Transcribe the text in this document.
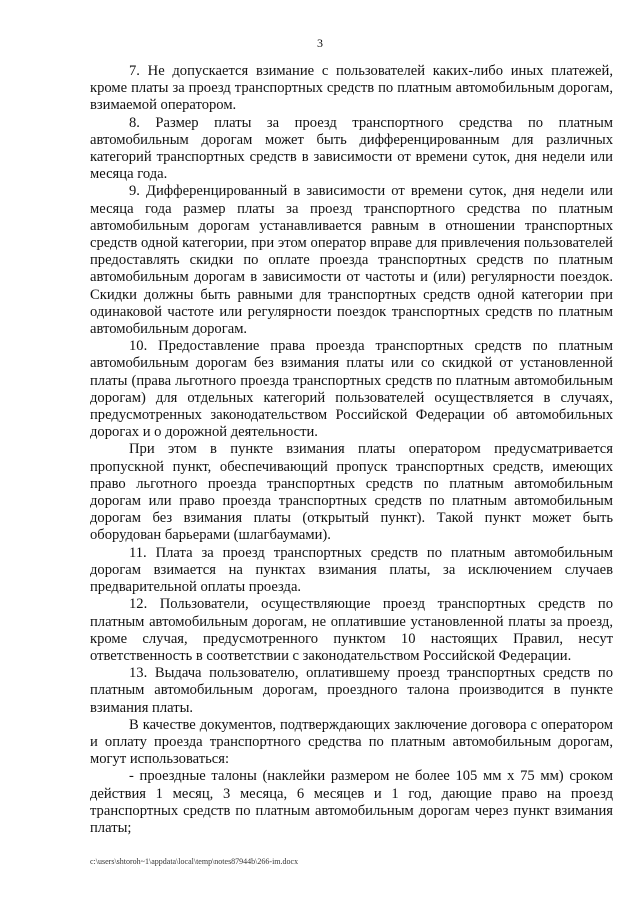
3

7. Не допускается взимание с пользователей каких-либо иных платежей, кроме платы за проезд транспортных средств по платным автомобильным дорогам, взимаемой оператором.

8. Размер платы за проезд транспортного средства по платным автомобильным дорогам может быть дифференцированным для различных категорий транспортных средств в зависимости от времени суток, дня недели или месяца года.

9. Дифференцированный в зависимости от времени суток, дня недели или месяца года размер платы за проезд транспортного средства по платным автомобильным дорогам устанавливается равным в отношении транспортных средств одной категории, при этом оператор вправе для привлечения пользователей предоставлять скидки по оплате проезда транспортных средств по платным автомобильным дорогам в зависимости от частоты и (или) регулярности поездок. Скидки должны быть равными для транспортных средств одной категории при одинаковой частоте или регулярности поездок транспортных средств по платным автомобильным дорогам.

10. Предоставление права проезда транспортных средств по платным автомобильным дорогам без взимания платы или со скидкой от установленной платы (права льготного проезда транспортных средств по платным автомобильным дорогам) для отдельных категорий пользователей осуществляется в случаях, предусмотренных законодательством Российской Федерации об автомобильных дорогах и о дорожной деятельности.

При этом в пункте взимания платы оператором предусматривается пропускной пункт, обеспечивающий пропуск транспортных средств, имеющих право льготного проезда транспортных средств по платным автомобильным дорогам или право проезда транспортных средств по платным автомобильным дорогам без взимания платы (открытый пункт). Такой пункт может быть оборудован барьерами (шлагбаумами).

11. Плата за проезд транспортных средств по платным автомобильным дорогам взимается на пунктах взимания платы, за исключением случаев предварительной оплаты проезда.

12. Пользователи, осуществляющие проезд транспортных средств по платным автомобильным дорогам, не оплатившие установленной платы за проезд, кроме случая, предусмотренного пунктом 10 настоящих Правил, несут ответственность в соответствии с законодательством Российской Федерации.

13. Выдача пользователю, оплатившему проезд транспортных средств по платным автомобильным дорогам, проездного талона производится в пункте взимания платы.

В качестве документов, подтверждающих заключение договора с оператором и оплату проезда транспортного средства по платным автомобильным дорогам, могут использоваться:

- проездные талоны (наклейки размером не более 105 мм х 75 мм) сроком действия 1 месяц, 3 месяца, 6 месяцев и 1 год, дающие право на проезд транспортных средств по платным автомобильным дорогам через пункт взимания платы;

c:\users\shtoroh~1\appdata\local\temp\notes87944b\266-im.docx
